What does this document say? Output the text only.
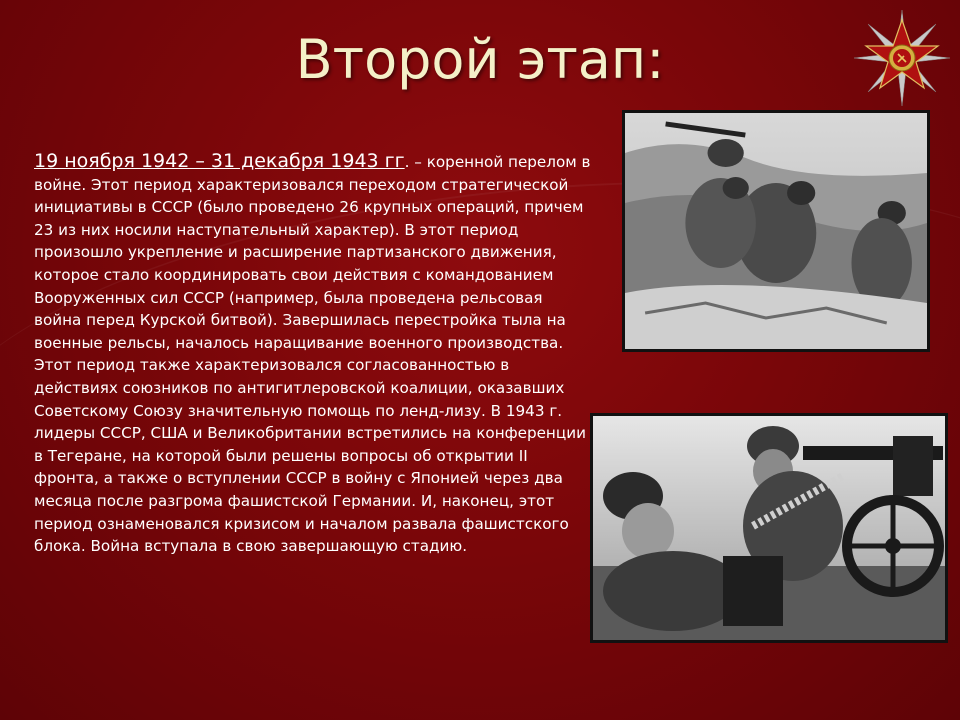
Второй этап:
19 ноября 1942 – 31 декабря 1943 гг. – коренной перелом в войне. Этот период характеризовался переходом стратегической инициативы в СССР (было проведено 26 крупных операций, причем 23 из них носили наступательный характер). В этот период произошло укрепление и расширение партизанского движения, которое стало координировать свои действия с командованием Вооруженных сил СССР (например, была проведена рельсовая война перед Курской битвой). Завершилась перестройка тыла на военные рельсы, началось наращивание военного производства. Этот период также характеризовался согласованностью в действиях союзников по антигитлеровской коалиции, оказавших Советскому Союзу значительную помощь по ленд-лизу. В 1943 г. лидеры СССР, США и Великобритании встретились на конференции в Тегеране, на которой были решены вопросы об открытии II фронта, а также о вступлении СССР в войну с Японией через два месяца после разгрома фашистской Германии. И, наконец, этот период ознаменовался кризисом и началом развала фашистского блока. Война вступала в свою завершающую стадию.
